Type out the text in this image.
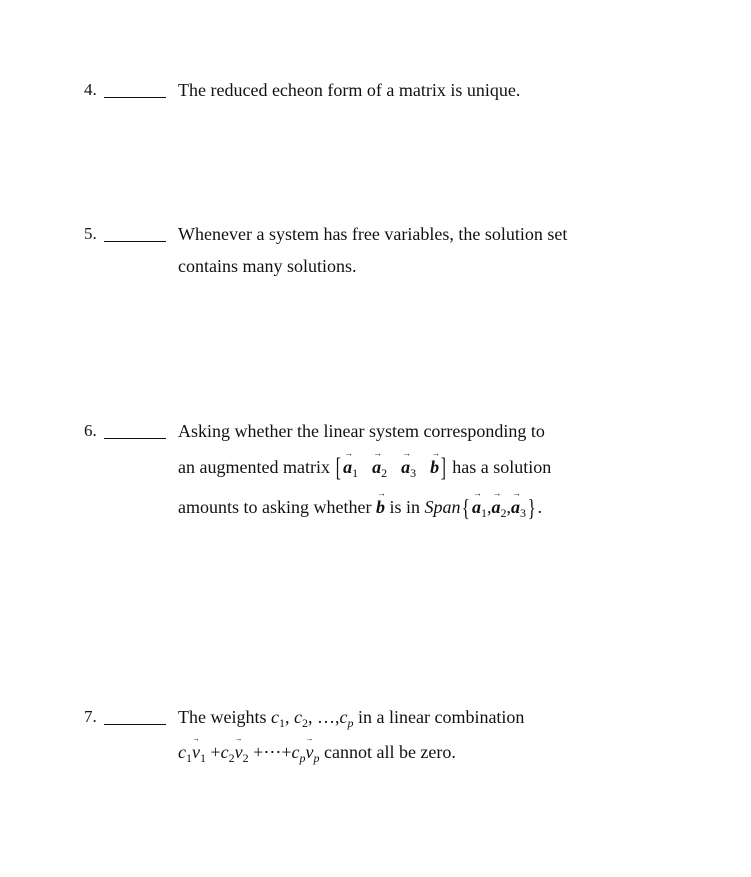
4.	The reduced echeon form of a matrix is unique.
5.	Whenever a system has free variables, the solution set
contains many solutions.
6.	Asking whether the linear system corresponding to
an augmented matrix [→ $a_1 \to a_2 \to a_3 \to b$] has a solution
amounts to asking whether → b is in Span{→ $a_1,\to a_2,\to a_3$}.
7.	The weights $c_1$, $c_2$, $\dots,c_p$ in a linear combination
$c_1\to v_1 +c_2\to v_2$ $+\cdots+c_p\to v_p$ cannot all be zero.
